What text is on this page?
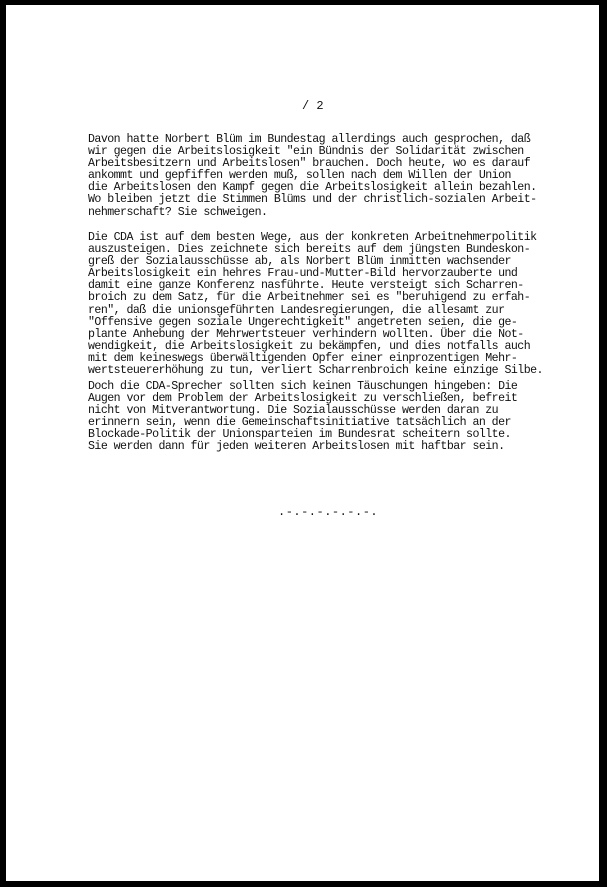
/ 2
Davon hatte Norbert Blüm im Bundestag allerdings auch gesprochen, daß
wir gegen die Arbeitslosigkeit "ein Bündnis der Solidarität zwischen
Arbeitsbesitzern und Arbeitslosen" brauchen. Doch heute, wo es darauf
ankommt und gepfiffen werden muß, sollen nach dem Willen der Union
die Arbeitslosen den Kampf gegen die Arbeitslosigkeit allein bezahlen.
Wo bleiben jetzt die Stimmen Blüms und der christlich-sozialen Arbeit-
nehmerschaft? Sie schweigen.
Die CDA ist auf dem besten Wege, aus der konkreten Arbeitnehmerpolitik
auszusteigen. Dies zeichnete sich bereits auf dem jüngsten Bundeskon-
greß der Sozialausschüsse ab, als Norbert Blüm inmitten wachsender
Arbeitslosigkeit ein hehres Frau-und-Mutter-Bild hervorzauberte und
damit eine ganze Konferenz nasführte. Heute versteigt sich Scharren-
broich zu dem Satz, für die Arbeitnehmer sei es "beruhigend zu erfah-
ren", daß die unionsgeführten Landesregierungen, die allesamt zur
"Offensive gegen soziale Ungerechtigkeit" angetreten seien, die ge-
plante Anhebung der Mehrwertsteuer verhindern wollten. Über die Not-
wendigkeit, die Arbeitslosigkeit zu bekämpfen, und dies notfalls auch
mit dem keineswegs überwältigenden Opfer einer einprozentigen Mehr-
wertsteuererhöhung zu tun, verliert Scharrenbroich keine einzige Silbe.
Doch die CDA-Sprecher sollten sich keinen Täuschungen hingeben: Die
Augen vor dem Problem der Arbeitslosigkeit zu verschließen, befreit
nicht von Mitverantwortung. Die Sozialausschüsse werden daran zu
erinnern sein, wenn die Gemeinschaftsinitiative tatsächlich an der
Blockade-Politik der Unionsparteien im Bundesrat scheitern sollte.
Sie werden dann für jeden weiteren Arbeitslosen mit haftbar sein.
.-.-.-.-.-.-.
